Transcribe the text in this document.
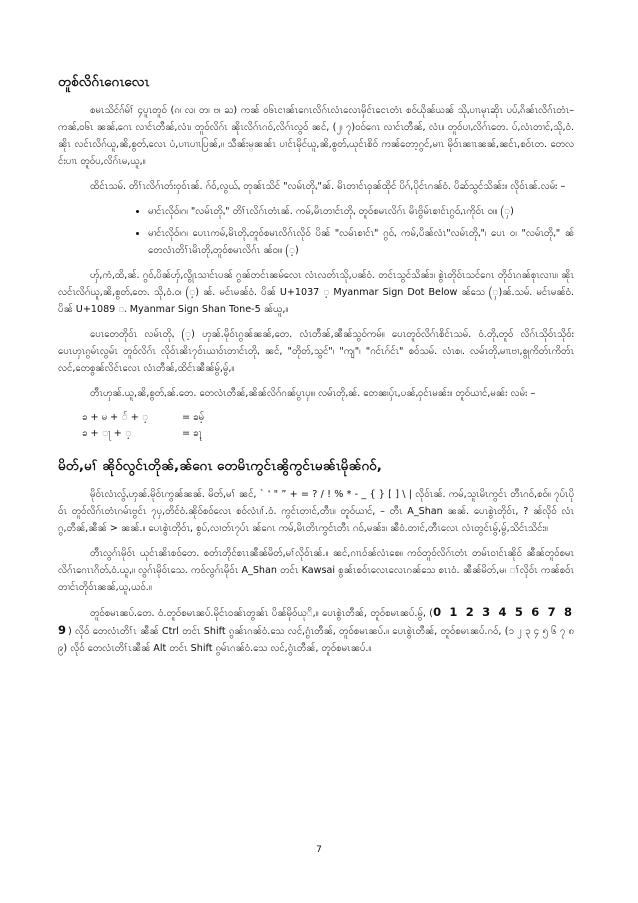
တူစ်လိဂ်ၤဂေၤလေၤ

စမၤသိင်ဂ်မ်ၢ် ၄ပူၤတူ၀် (ၵ၊ လ၊ တ၊ ဗ၊ ႀ) ကၼ် ဝ၆ၤငၢၼ်ၤဂေၤလိဂ်ၤလံၤလေၤမှိင်ၤငေၤတံၤ စ၀်ယိုၼ်ယၼ် သိုႇပၢၤမုၤဆိုၤ ပပ်ႇၵိၼ်ၤလိဂ်ၤတံၤ–ကၼ်ႇဝ၆ၤ ၼၼ်ႇဂေၤ လၢင်ၤတီၼ်,လံၤ၊ တူ၀်လိဂ်ၤ ၼိုၤလိဂ်ၤဂ၀်,လိဂ်ၤလွ၀် ၼင်, (၂၊ ၇)၀၀်ဂေၤ လၢင်ၤတီၼ်, လံၤ။ တူ၀်ပၢႇလိဂ်ၤတေ. ပ်,လံၤတၢင်,သို,ဝံ. ၼိုၤ လင်ၤလိဂ်ယူ,ၼိ,စွတ်ႇလေၤ ပံ,ပၢၤပၢၤပြၼ်,။ သီၼ်းမ္ၼၼ်ၤ ပၢင်ၤမိုင်ယူ,ၼိ,စွတ်ႇယုင်ၤစိ၀် ကၼ်တော့ဂွင်,မၢၤ မိုဝ်ၤၼၢၤၼၼ်,ၼင်ၤ,စ၀်ၤတ. တေလင်းပၢၤ တူ၀်ပ,လိဂ်ၤမ,ယူ,။

ထိင်ၤသမ်. တိၢ်ၤလိဂ်ၤတ်းဝှ၀်ၤၼ်. ဂ်ဝ်,လွယ်ႇ တုၼ်ၤသိင် "လမ်ၤတိုႇ"ၼ်. မိၤတၢင်ၤဝှၼ်ထိုင် ပိဂ်,ပိုင်ၤဂၼ်ဝံ. ပိဆ်သွင်သိၼ်း။ လိုဝ်ၤၼ်.လမ်း –

• မၢင်ၤလိုဝ်၊ဂ၊ "လမ်ၤတိုႇ" တိၢ်ၤလိဂ်ၤတံၤၼ်. ကမ်,မိၤတၢင်ၤတိုႇ တူ၀်စမၤလိဂ်ၤ မိၤဗွိမ်ၤစၢင်ၤဂွ၀်ႇၤကိုဝ်ၤ ဝ၊။ (ှ)
• မၢင်ၤလိုဝ်၊ဂ၊ ပေၤၤကမ်,မိၤတိုႇတူ၀်စမၤလိဂ်ၤလိုဝ် ပိၼ် "လမ်ၤစၢင်ၤ" ဂွ၀်ႇ ကမ်,ပိၼ်လံၤ"လမ်ၤတိုႇ"၊ ပေၤ ဝ၊ "လမ်ၤတိုႇ" ၼ် တေလံၤတိၢ်ၤမိၤတိုႇတူ၀်စမၤလိဂ်ၤ ၼ်ဝ၊။ (့)

ၯ်,ကံ,ထိ,ၼ်. ဂွ၀်ႇပိၼ်ၯ်,လွိုၤသၢင်ၤပၼ် ဂွၼ်တင်ၤၼမ်လေၤ လံၤလတ်ၤသို,ပၼ်ဝံ. တင်ၤသွင်သိၼ်း။ စွဲၤတိုဝ်ၤသင်ဂေၤ တိုဝ်ၤဂၼ်စုၤလၢၤ။ ၼိုၤလင်ၤလိဂ်ယူ,ၼိ,စွတ်ႇတေ. သို,ဝံ.ဝ၊ (့) ၼ်. မင်ၤမၼ်ဝံ. ပိၼ် U+1037 ့ Myanmar Sign Dot Below ၼ်သေ (ှ)ၼ်.သမ်. မင်ၤမၼ်ဝံ. ပိၼ် U+1089 ႉ Myanmar Sign Shan Tone-5 ၼ်ယူ,။

ပေၤတေတိုဝ်ၤ လမ်ၤတိုႇ (့) ၯၼ်.မိုဝ်ၤၵွၼ်ၼၼ်,တေ. လံၤတီၼ်,ၼီၼ်သွ၀်ကမ်။ ပေၤတူ၀်လိဂ်ၤစိင်ၤသမ်. ဝံ.တိုႇတူ၀် လိဂ်ၤသိုဝ်ၤသိုဝ်း ပေၤၯၤၵွမ်ၤလွမ်ၤ တူ၀်လိဂ်ၤ လိုဝ်ၤၼိၤ၇၀်ၤယၢဝ်ၤတၢင်ၤတိုႇ ၼင်, "တိုတ်,သွင်"၊ "ကျ"၊ "ဂင်ၤဂ်င်ၤ" စ၀်သမ်. လံၤစ၊. လမ်ၤတိုႇမၢၤဗၢ,စွုကိတ်ၤကိတ်ၤ လင်,တေစွၼ်လိင်ၤလေၤ လံၤတီၼ်,ထိင်ၤၼီၼ်မွ်,မွ်,။

တီၤၯၼ်.ယူ,ၼိ,စွတ်ႇၼ်.တေ. တေလံၤတီၼ်,ၼိၼ်လိဂ်ဂၼ်ပွၤၦ၊။ လမ်ၤတိုႇၼ်. တေၼ၊ၦ်ၤ,ပၼ်ႇဝှင်ၤမၼ်း။ တူ၀်ယၢင်,မၼ်း လမ်း –

ၶ + မ + ် + ့	= ၶမ့်
ၶ + ႃ + ့	= ၶႃ့
မိတ်,မၢ် ၼိုဝ်လွင်ၤတိုၼ်,ၼ်ဂေၤ တေမိၤကွင်ၤၼွိကွင်ၤမၼ်ၤမိုၼ်ဂ၀်,

မိုဝ်ၤလံၤလွ်ႇၯၼ်.မိုဝ်ၤကွၼ်ၼၼ်. မိတ်,မၢ် ၼင်, ` ' " ” + = ? / ! % * - _ { } [ ] \ | လိုဝ်ၤၼ်. ကမ်,သူၤမိၤကွင်ၤ တီၤဂ၀်,စ၀်။ ၇ပ်ၤပိုဝ်ၤ တူ၀်လိဂ်ၤတံၤဂမ်ၤဗွင်ၤ ၇ၦ,တိင်ဝံ.ၼိုဝ်စ၀်လေၤ စ၀်လံၤ၊ၢ်.ဝံ. ကွင်ၤတၢင်,တီၤ။ တူ၀်ယၢင်, – တီၤ A_Shan ၼၼ်. ပေၤစွဲၤတိုဝ်ၤ, ? ၼ်လိုဝ် လံၤဂွ,တီၼ်,ၼီၼ် > ၼၼ်.။ ပေၤစွဲၤတိုဝ်ၤ, စွပ်,လၢတ်ၤ၇ပ်ၤ ၼ်ဂေၤ ကမ်,မိၤတိၤကွင်ၤတီၤ ဂ၀်,မၼ်း။ ၼီဝံ.တၢင်,တီၤလေၤ လံၤတွင်ၤမွ်,မွ်,သိင်ၤသိင်း။

တီၤလွဂ်ၤမိုဝ်ၤ ယုင်ၤၼိၤစ၀်တေ. စတ်ၤတိုင်စၤၤၼီၼ်မိတ်,မၢ်လိုဝ်ၤၼ်.။ ၼင်,ဂၢၤဝ်ၼ်လံၤစေ။ ကဝ်တူ၀်လိဂ်ၤတံၤ တမ်ၤဝၢင်ၤၼိုဝ် ၼီၼ်တူ၀်စမၤလိဂ်ၤဂေၤၤဂိတ်ႇဝံ.ယူ,။ လွဂ်ၤမိုဝ်ၤသေ. ကဝ်လွဂ်ၤမိုဝ်ၤ A_Shan တင်ၤ Kawsai စွၼ်ၤစ၀်ၤလေၤလေၤဂၼ်သေ စၤၤဝံ. ၼီၼ်မိတ်,မ၊ ၢ်လိုဝ်ၤ ကၼ်စ၀်ၤတၢင်ၤတိုဝ်ၤၼၼ်,ယူ,ယ၀်.။

တူ၀်စမၤၼပ်.တေ. ဝံ.တူ၀်စမၤၼပ်.မိုင်ၤဝၼ်ၤတွၼ်ၤ ပိၼ်မိုဝ်ယုိ,။ ပေၤစွဲၤတီၼ်, တူ၀်စမၤၼပ်.မွ်, (0 1 2 3 4 5 6 7 8 9) လိုဝ် တေလံၤတိၢ်ၤ ၼီၼ် Ctrl တင်ၤ Shift ၵွၼ်ၤဂၼ်ဝံ.သေ လင်,ၵွံၤတီၼ်, တူ၀်စမၤၼပ်.။ ပေၤစွဲၤတီၼ်, တူ၀်စမၤၼပ်.ဂ၀်, (၁ ၂ ၃ ၄ ၅ ၆ ၇ ၈ ၉) လိုဝ် တေလံၤတိၢ်ၤၼီၼ် Alt တင်ၤ Shift ၵွမ်ၤဂၼ်ဝံ.သေ လင်,ၵွံၤတီၼ်, တူ၀်စမၤၼပ်.။

7
